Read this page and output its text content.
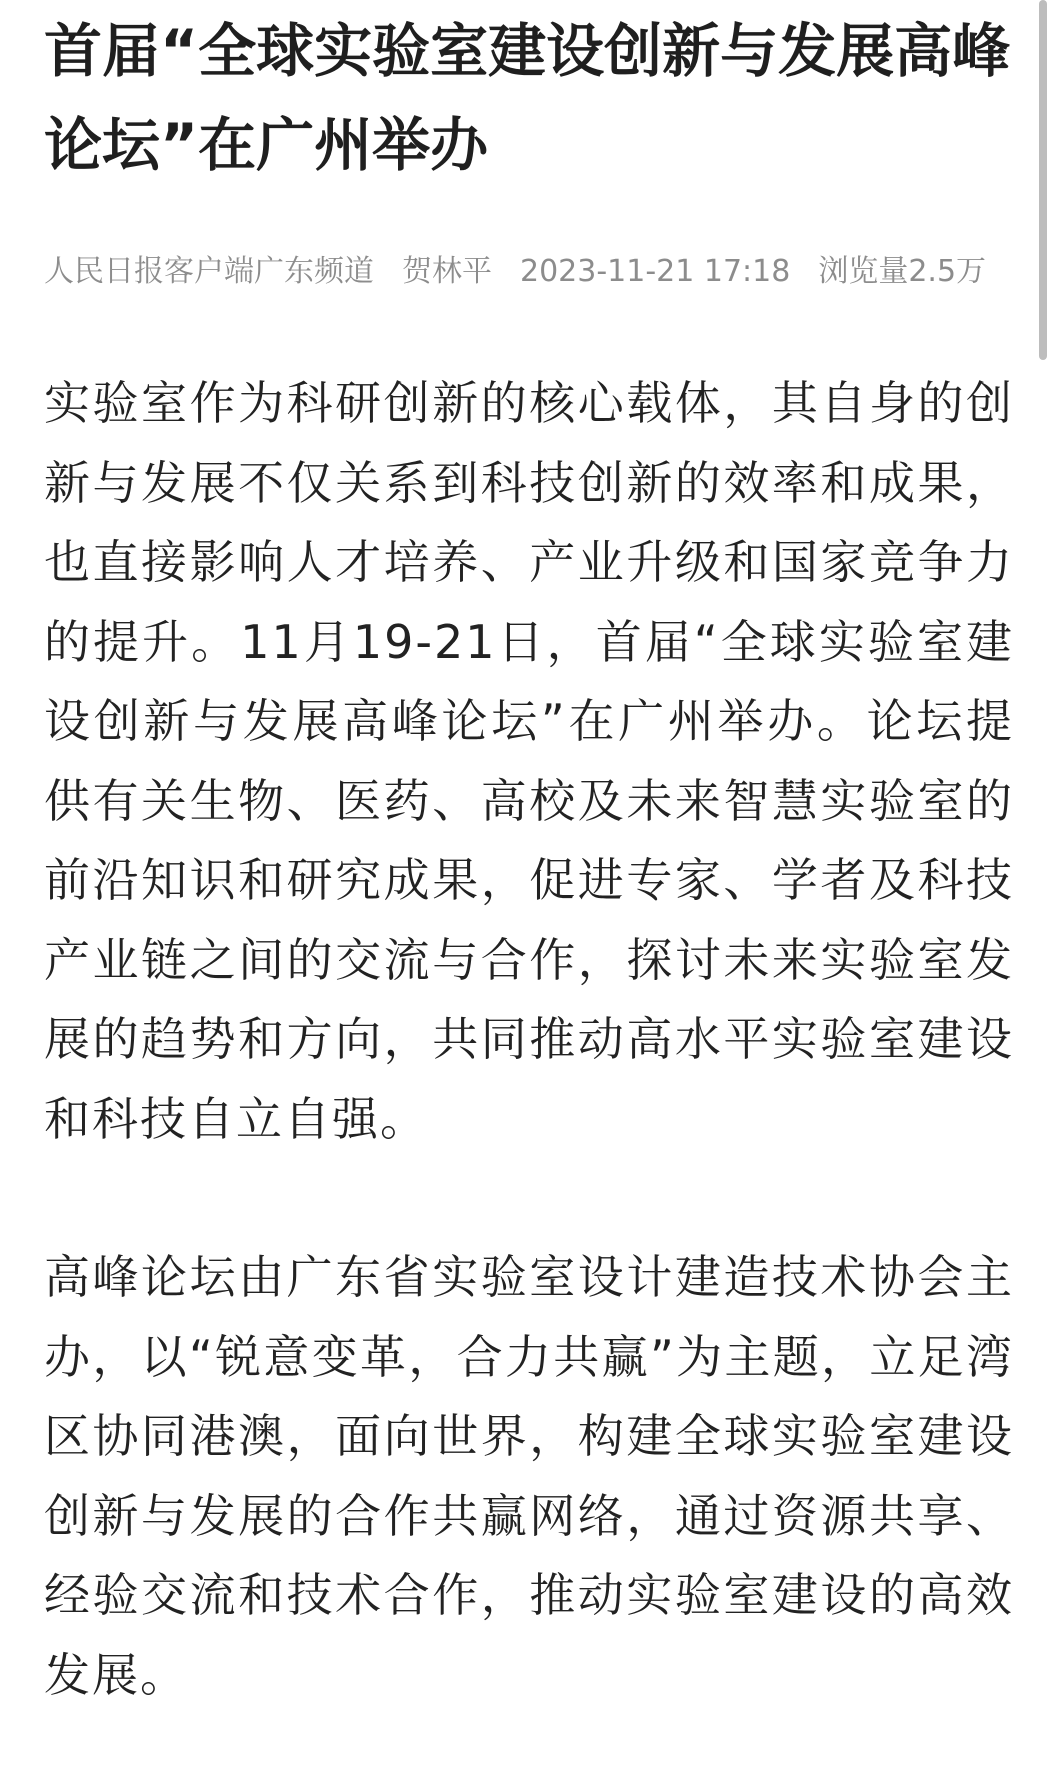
首届“全球实验室建设创新与发展高峰论坛”在广州举办
人民日报客户端广东频道 贺林平 2023-11-21 17:18 浏览量2.5万

实验室作为科研创新的核心载体，其自身的创新与发展不仅关系到科技创新的效率和成果，也直接影响人才培养、产业升级和国家竞争力的提升。11月19-21日，首届“全球实验室建设创新与发展高峰论坛”在广州举办。论坛提供有关生物、医药、高校及未来智慧实验室的前沿知识和研究成果，促进专家、学者及科技产业链之间的交流与合作，探讨未来实验室发展的趋势和方向，共同推动高水平实验室建设和科技自立自强。

高峰论坛由广东省实验室设计建造技术协会主办，以“锐意变革，合力共赢”为主题，立足湾区协同港澳，面向世界，构建全球实验室建设创新与发展的合作共赢网络，通过资源共享、经验交流和技术合作，推动实验室建设的高效发展。
